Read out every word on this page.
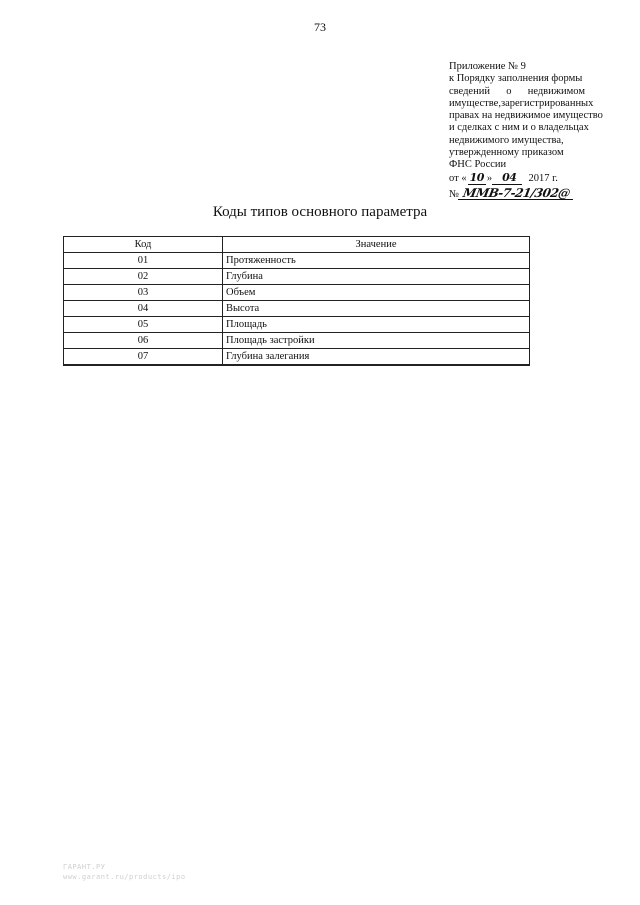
73
Приложение № 9
к Порядку заполнения формы
сведений о недвижимом
имуществе, зарегистрированных
правах на недвижимое имущество
и сделках с ним и о владельцах
недвижимого имущества,
утвержденному приказом
ФНС России
от « 10 » 04	2017 г.
№ ММВ-7-21/302@
Коды типов основного параметра
Код	Значение
01	Протяженность
02	Глубина
03	Объем
04	Высота
05	Площадь
06	Площадь застройки
07	Глубина залегания
ГАРАНТ.РУ
www.garant.ru/products/ipo
